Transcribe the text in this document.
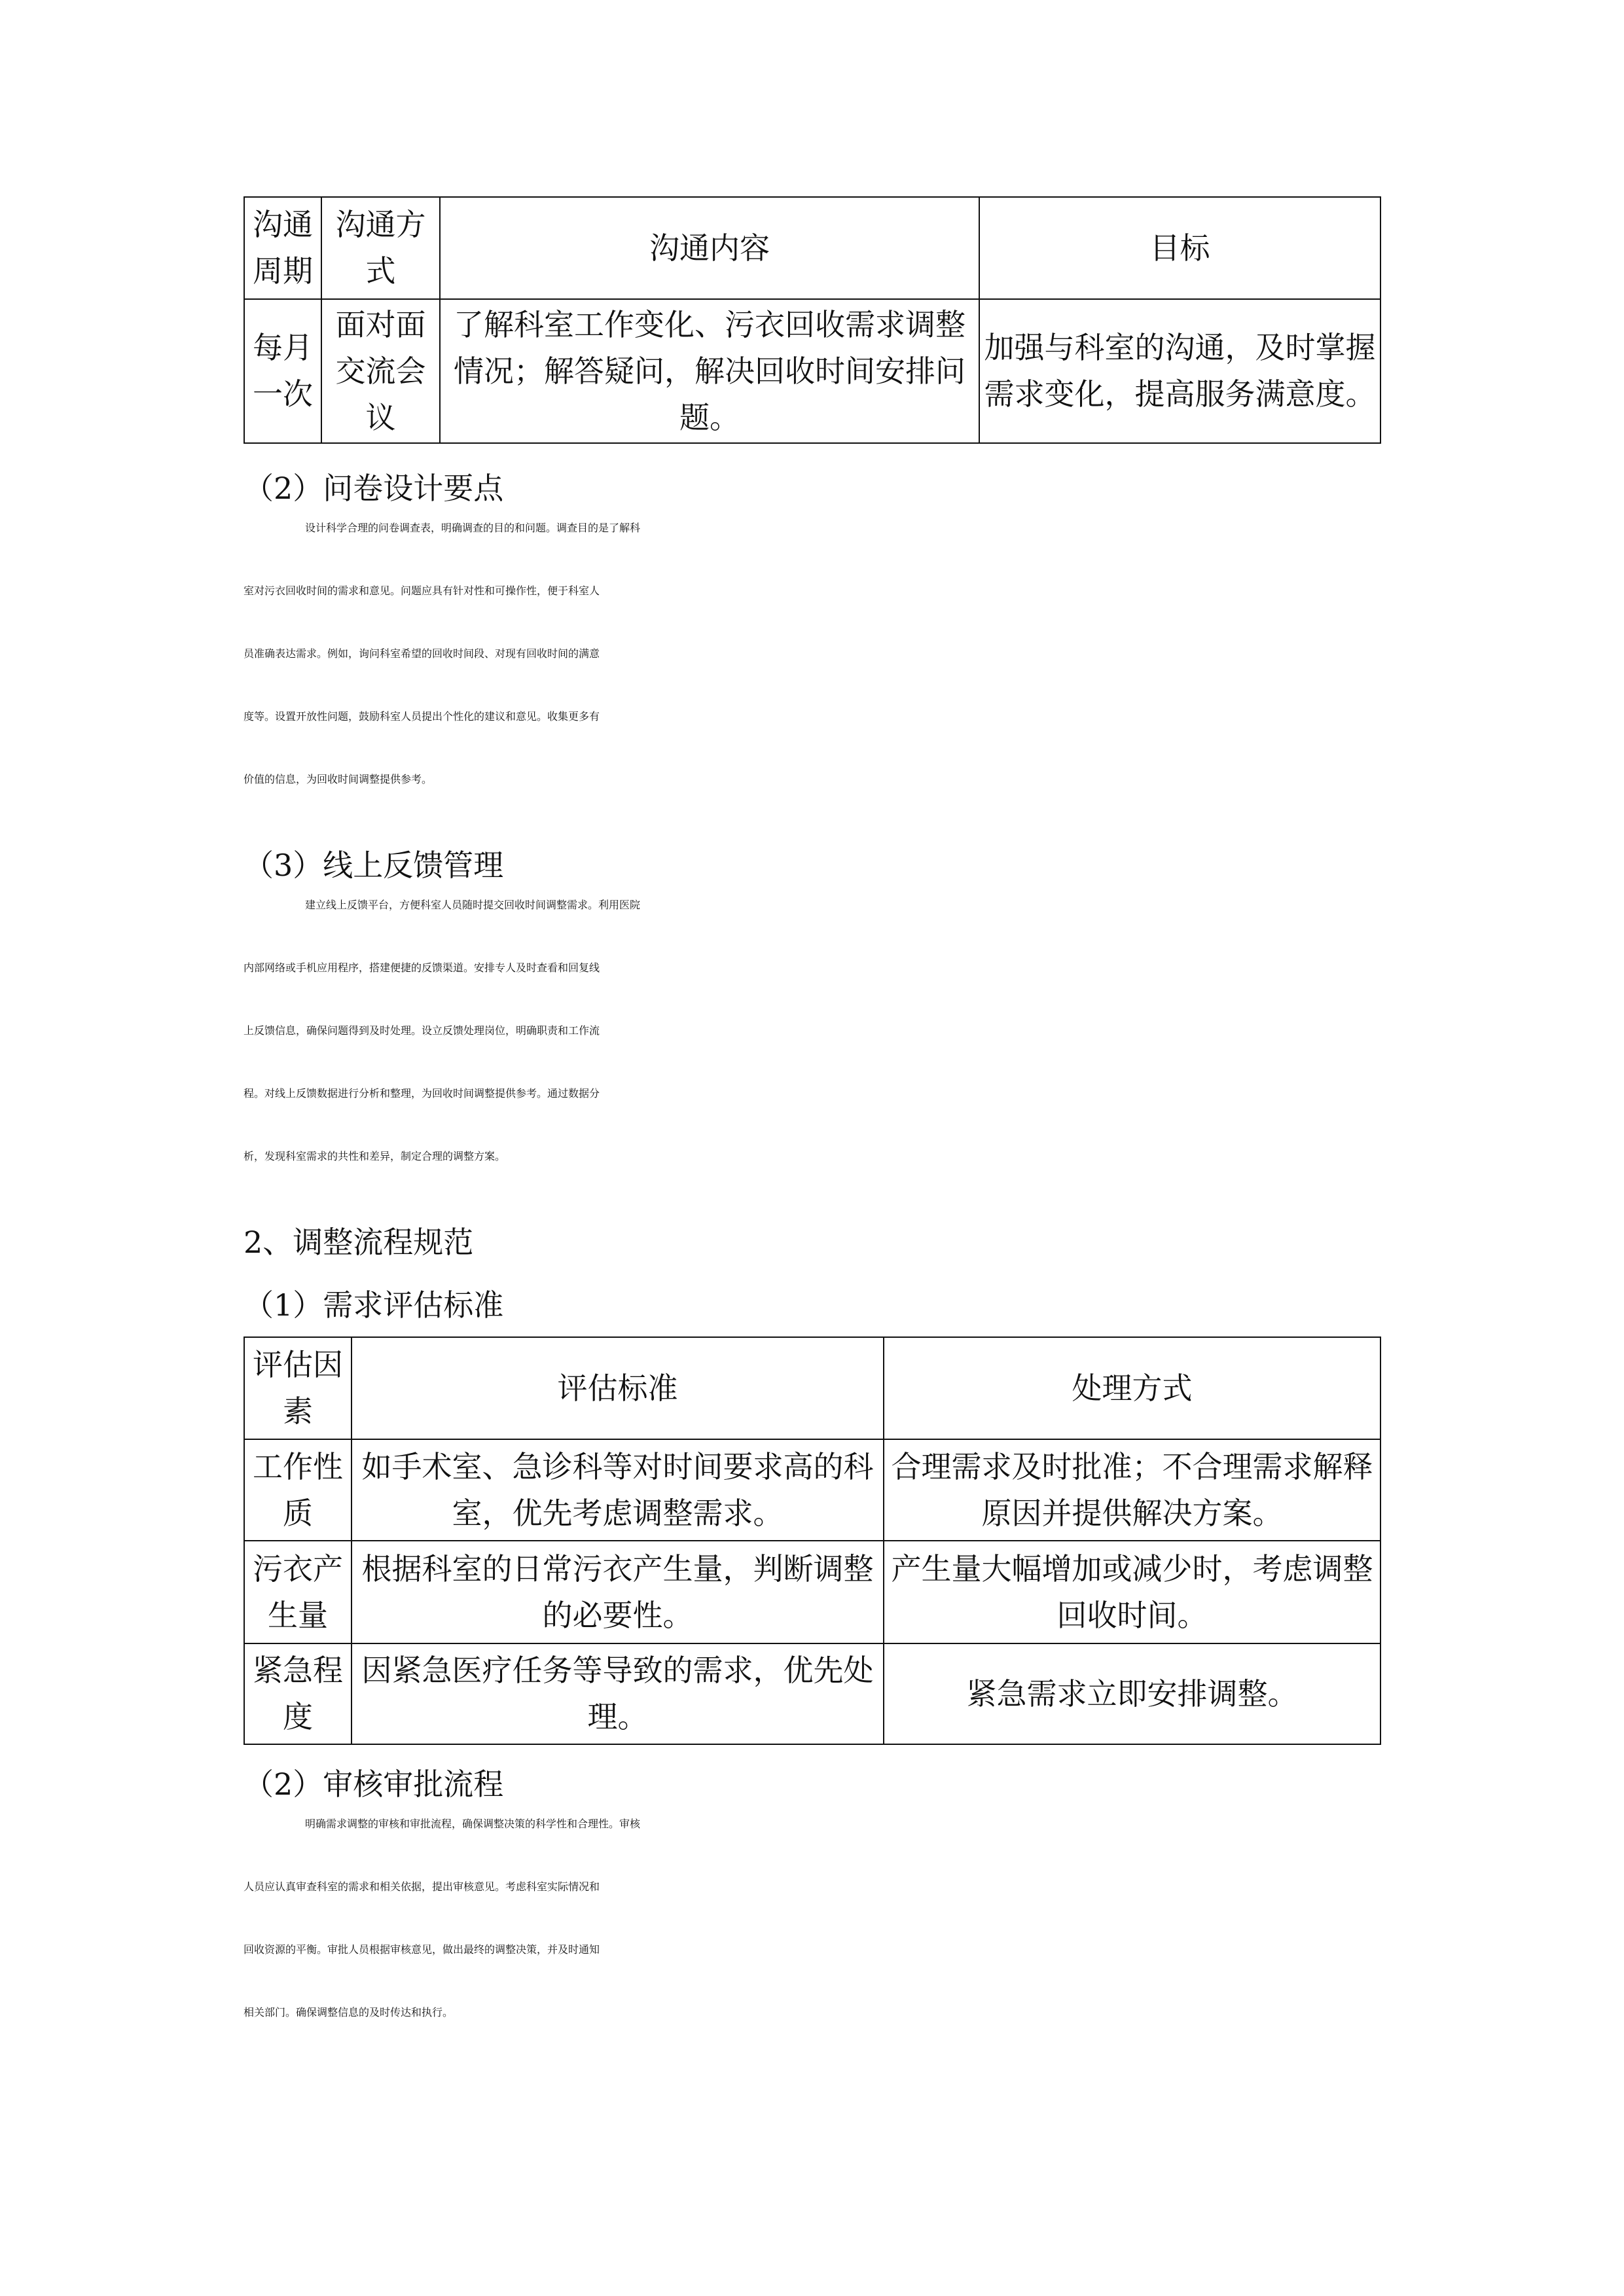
沟通周期	沟通方式	沟通内容	目标
每月一次	面对面交流会议	了解科室工作变化、污衣回收需求调整情况；解答疑问，解决回收时间安排问题。	加强与科室的沟通，及时掌握需求变化，提高服务满意度。
（2）问卷设计要点
设计科学合理的问卷调查表，明确调查的目的和问题。调查目的是了解科
室对污衣回收时间的需求和意见。问题应具有针对性和可操作性，便于科室人
员准确表达需求。例如，询问科室希望的回收时间段、对现有回收时间的满意
度等。设置开放性问题，鼓励科室人员提出个性化的建议和意见。收集更多有
价值的信息，为回收时间调整提供参考。
（3）线上反馈管理
建立线上反馈平台，方便科室人员随时提交回收时间调整需求。利用医院
内部网络或手机应用程序，搭建便捷的反馈渠道。安排专人及时查看和回复线
上反馈信息，确保问题得到及时处理。设立反馈处理岗位，明确职责和工作流
程。对线上反馈数据进行分析和整理，为回收时间调整提供参考。通过数据分
析，发现科室需求的共性和差异，制定合理的调整方案。
2、调整流程规范
（1）需求评估标准
评估因素	评估标准	处理方式
工作性质	如手术室、急诊科等对时间要求高的科室，优先考虑调整需求。	合理需求及时批准；不合理需求解释原因并提供解决方案。
污衣产生量	根据科室的日常污衣产生量，判断调整的必要性。	产生量大幅增加或减少时，考虑调整回收时间。
紧急程度	因紧急医疗任务等导致的需求，优先处理。	紧急需求立即安排调整。
（2）审核审批流程
明确需求调整的审核和审批流程，确保调整决策的科学性和合理性。审核
人员应认真审查科室的需求和相关依据，提出审核意见。考虑科室实际情况和
回收资源的平衡。审批人员根据审核意见，做出最终的调整决策，并及时通知
相关部门。确保调整信息的及时传达和执行。
